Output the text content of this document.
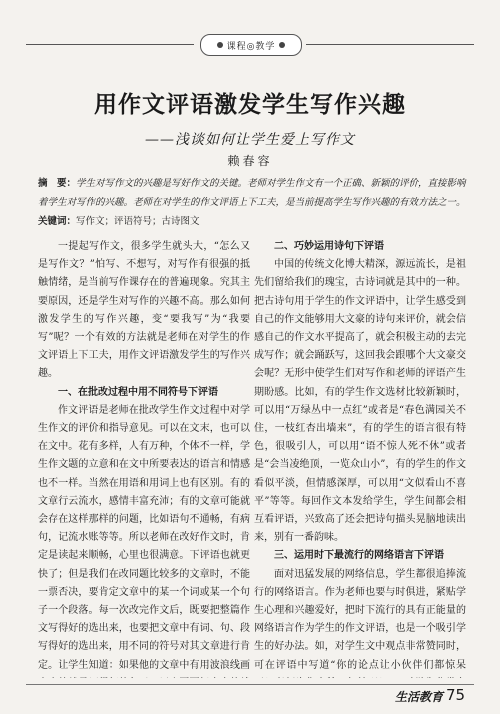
课程◎教学
用作文评语激发学生写作兴趣
——浅谈如何让学生爱上写作文
赖春容
摘　要：学生对写作文的兴趣是写好作文的关键。老师对学生作文有一个正确、新颖的评价，直接影响着学生对写作的兴趣。老师在对学生的作文评语上下工夫，是当前提高学生写作兴趣的有效方法之一。
关键词：写作文；评语符号；古诗图文

一提起写作文，很多学生就头大，“怎么又是写作文？”怕写、不想写，对写作有很强的抵触情绪，是当前写作课存在的普遍现象。究其主要原因，还是学生对写作的兴趣不高。那么如何激发学生的写作兴趣，变“要我写”为“我要写”呢？一个有效的方法就是老师在对学生的作文评语上下工夫，用作文评语激发学生的写作兴趣。

一、在批改过程中用不同符号下评语

作文评语是老师在批改学生作文过程中对学生作文的评价和指导意见。可以在文末，也可以在文中。花有多样，人有万种，个体不一样，学生作文题的立意和在文中所要表达的语言和情感也不一样。当然在用语和用词上也有区别。有的文章行云流水，感情丰富充沛；有的文章可能就会存在这样那样的问题，比如语句不通畅，有病句，记流水账等等。所以老师在改好作文时，肯定是读起来顺畅，心里也很满意。下评语也就更快了；但是我们在改同题比较多的文章时，不能一票否决，要肯定文章中的某一个词或某一个句子一个段落。每一次改完作文后，既要把整篇作文写得好的选出来，也要把文章中有词、句、段写得好的选出来，用不同的符号对其文章进行肯定。让学生知道：如果他的文章中有用波浪线画

二、巧妙运用诗句下评语

中国的传统文化博大精深，源远流长，是祖先们留给我们的瑰宝，古诗词就是其中的一种。把古诗句用于学生的作文评语中，让学生感受到自己的作文能够用大文豪的诗句来评价，就会信感自己的作文水平提高了，就会积极主动的去完成写作；就会踊跃写，这回我会跟哪个大文豪交会呢？无形中使学生们对写作和老师的评语产生期盼感。比如，有的学生作文选材比较新颖时，可以用“万绿丛中一点红”或者是“春色满园关不住，一枝红杏出墙来”，有的学生的语言很有特色，很吸引人，可以用“语不惊人死不休”或者是“会当凌绝顶，一览众山小”，有的学生的作文看似平淡，但情感深厚，可以用“文似看山不喜平”等等。每回作文本发给学生，学生间都会相互看评语，兴致高了还会把诗句描头晃脑地读出来，别有一番韵味。

三、运用时下最流行的网络语言下评语

面对迅猛发展的网络信息，学生都很追捧流行的网络语言。作为老师也要与时俱进，紧贴学生心理和兴趣爱好，把时下流行的具有正能量的网络语言作为学生的作文评语，也是一个吸引学生的好办法。如，对学生文中观点非常赞同时，可在评语中写道“你的论点让小伙伴们都惊呆

生活教育 75
